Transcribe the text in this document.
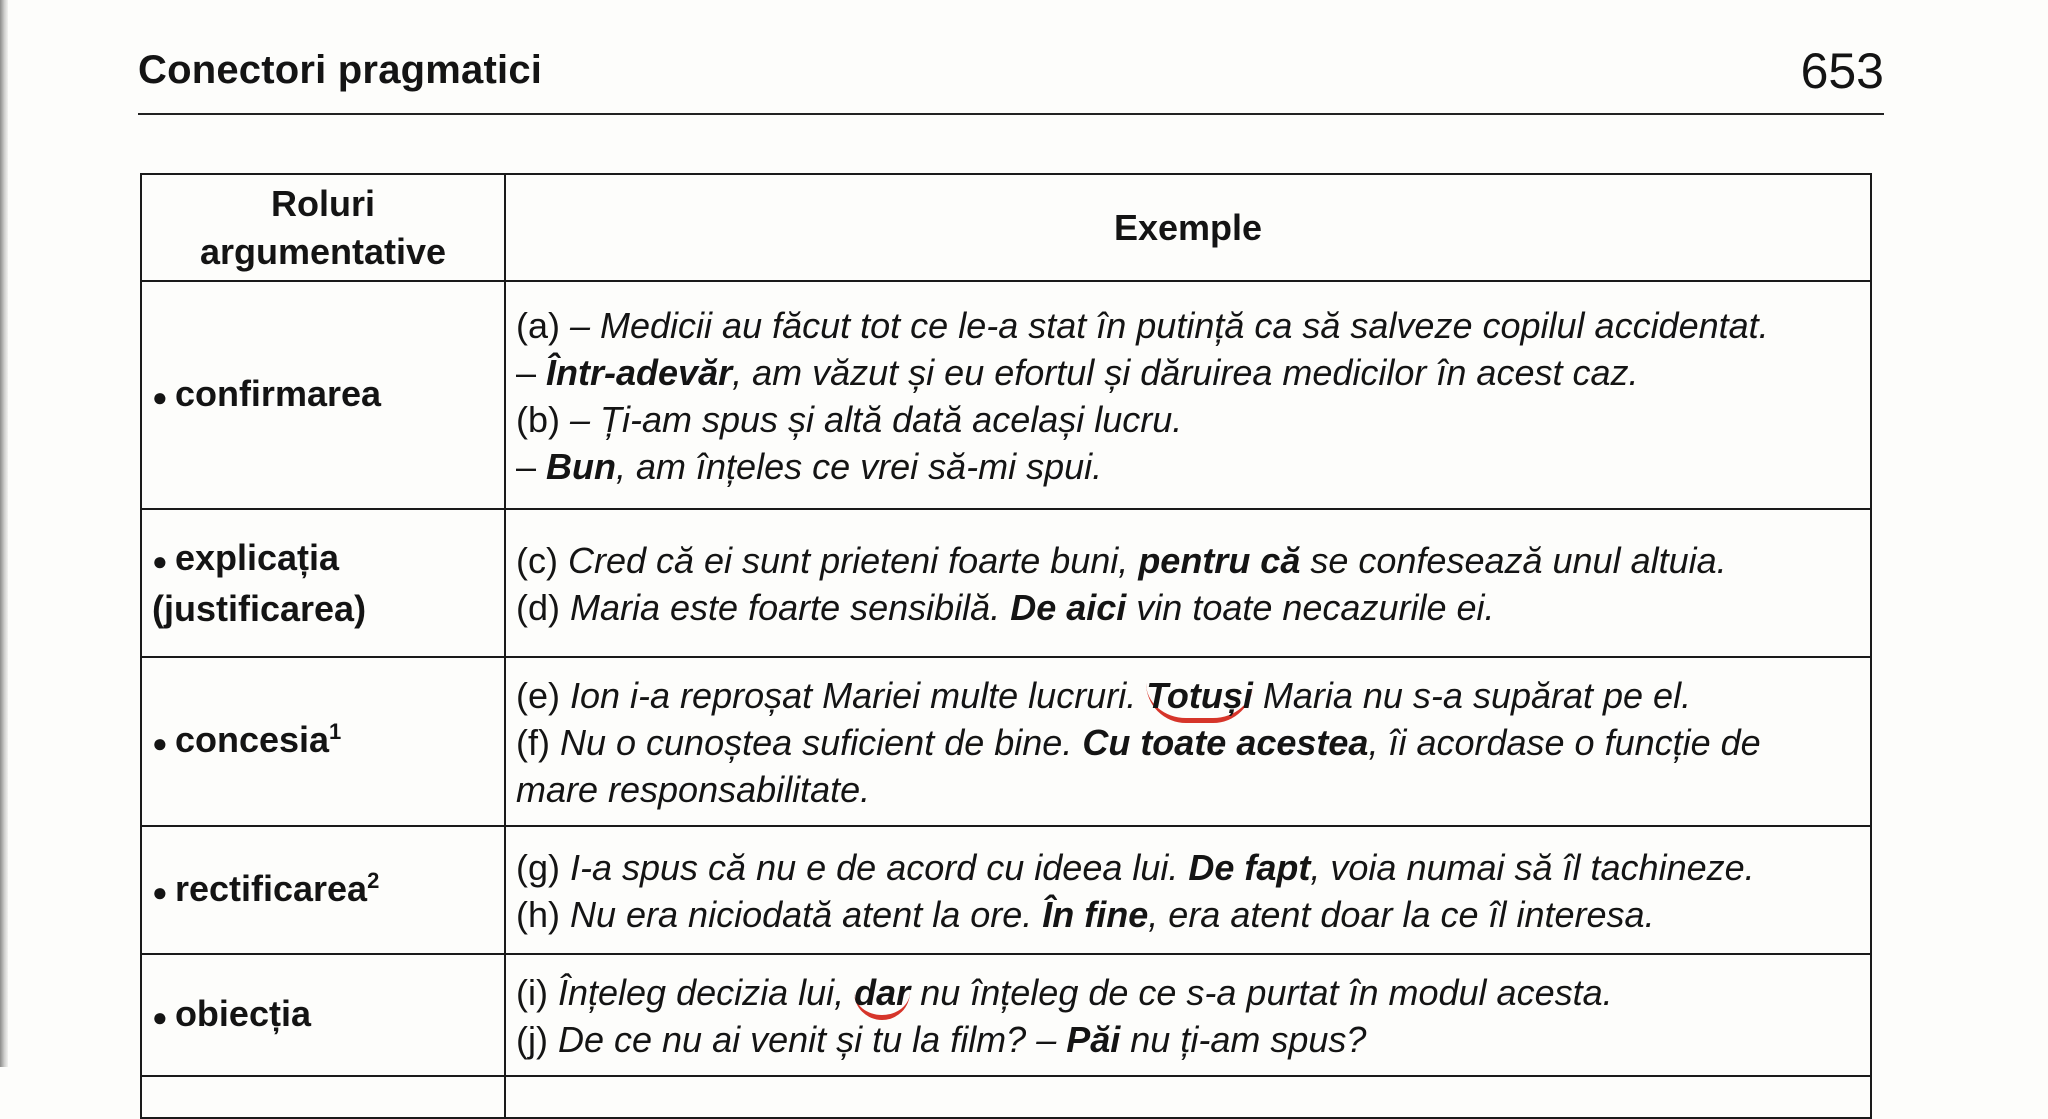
Conectori pragmatici	653
Roluri argumentative	Exemple
● confirmarea	(a) – Medicii au făcut tot ce le-a stat în putință ca să salveze copilul accidentat.
– Într-adevăr, am văzut și eu efortul și dăruirea medicilor în acest caz.
(b) – Ți-am spus și altă dată același lucru.
– Bun, am înțeles ce vrei să-mi spui.

● explicația (justificarea)	(c) Cred că ei sunt prieteni foarte buni, pentru că se confesează unul altuia.
(d) Maria este foarte sensibilă. De aici vin toate necazurile ei.

● concesia$^1$	(e) Ion i-a reproșat Mariei multe lucruri. Totuși Maria nu s-a supărat pe el.
(f) Nu o cunoștea suficient de bine. Cu toate acestea, îi acordase o funcție de
mare responsabilitate.

● rectificarea$^2$	(g) I-a spus că nu e de acord cu ideea lui. De fapt, voia numai să îl tachineze.
(h) Nu era niciodată atent la ore. În fine, era atent doar la ce îl interesa.

● obiecția	(i) Înțeleg decizia lui, dar nu înțeleg de ce s-a purtat în modul acesta.
(j) De ce nu ai venit și tu la film? – Păi nu ți-am spus?
